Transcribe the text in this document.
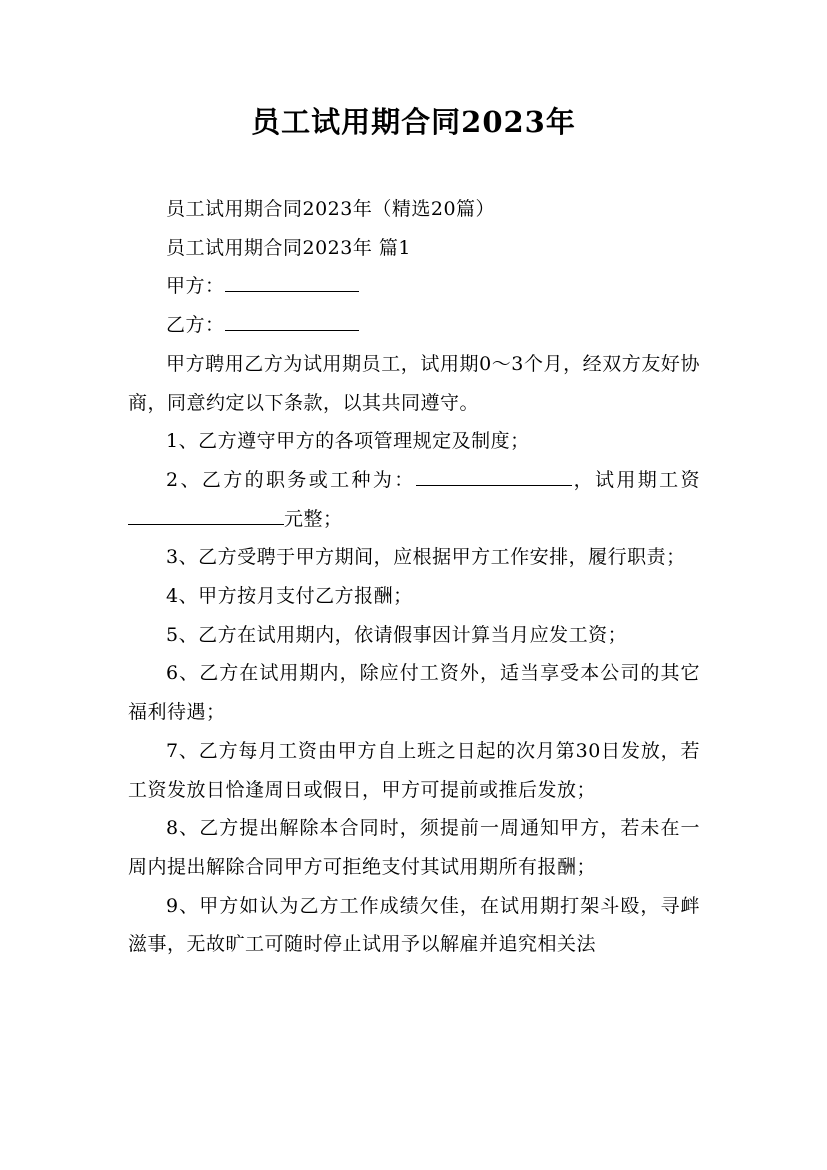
员工试用期合同2023年

员工试用期合同2023年（精选20篇）

员工试用期合同2023年 篇1

甲方：

乙方：

甲方聘用乙方为试用期员工，试用期0～3个月，经双方友好协商，同意约定以下条款，以其共同遵守。

1、乙方遵守甲方的各项管理规定及制度；

2、乙方的职务或工种为：	，试用期工资元整；

3、乙方受聘于甲方期间，应根据甲方工作安排，履行职责；

4、甲方按月支付乙方报酬；

5、乙方在试用期内，依请假事因计算当月应发工资；

6、乙方在试用期内，除应付工资外，适当享受本公司的其它福利待遇；

7、乙方每月工资由甲方自上班之日起的次月第30日发放，若工资发放日恰逢周日或假日，甲方可提前或推后发放；

8、乙方提出解除本合同时，须提前一周通知甲方，若未在一周内提出解除合同甲方可拒绝支付其试用期所有报酬；

9、甲方如认为乙方工作成绩欠佳，在试用期打架斗殴，寻衅滋事，无故旷工可随时停止试用予以解雇并追究相关法
